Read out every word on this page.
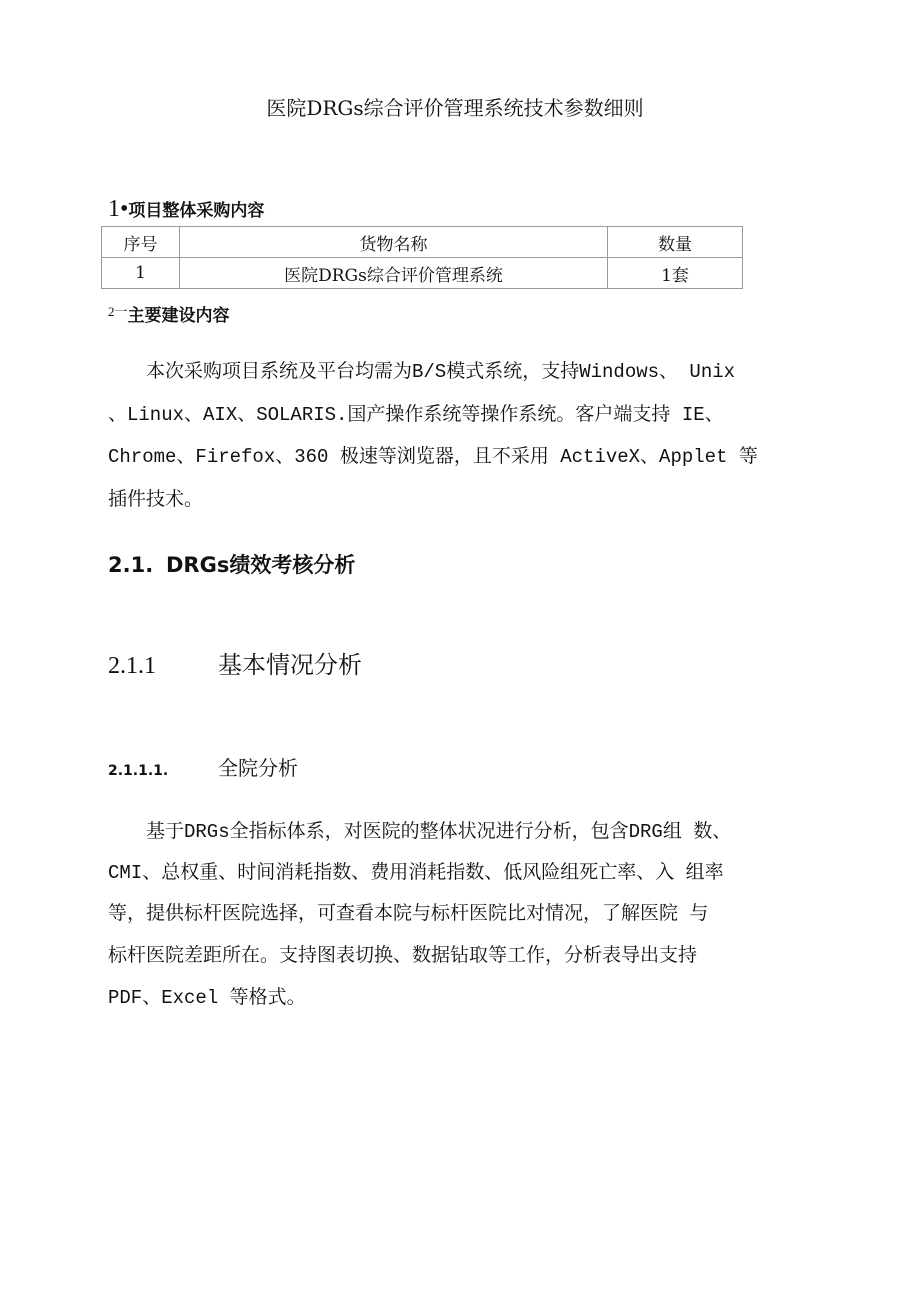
医院DRGs综合评价管理系统技术参数细则
1•项目整体采购内容
序号	货物名称	数量
1	医院DRGs综合评价管理系统	1套
$^{2一}$主要建设内容
　　本次采购项目系统及平台均需为B/S模式系统，支持Windows、 Unix
、Linux、AIX、SOLARIS.国产操作系统等操作系统。客户端支持 IE、
Chrome、Firefox、360 极速等浏览器，且不采用 ActiveX、Applet 等
插件技术。
2.1. DRGs绩效考核分析
2.1.1	基本情况分析
2.1.1.1. 全院分析
　　基于DRGs全指标体系，对医院的整体状况进行分析，包含DRG组 数、
CMI、总权重、时间消耗指数、费用消耗指数、低风险组死亡率、入 组率
等，提供标杆医院选择，可查看本院与标杆医院比对情况，了解医院 与
标杆医院差距所在。支持图表切换、数据钻取等工作，分析表导出支持
PDF、Excel 等格式。
